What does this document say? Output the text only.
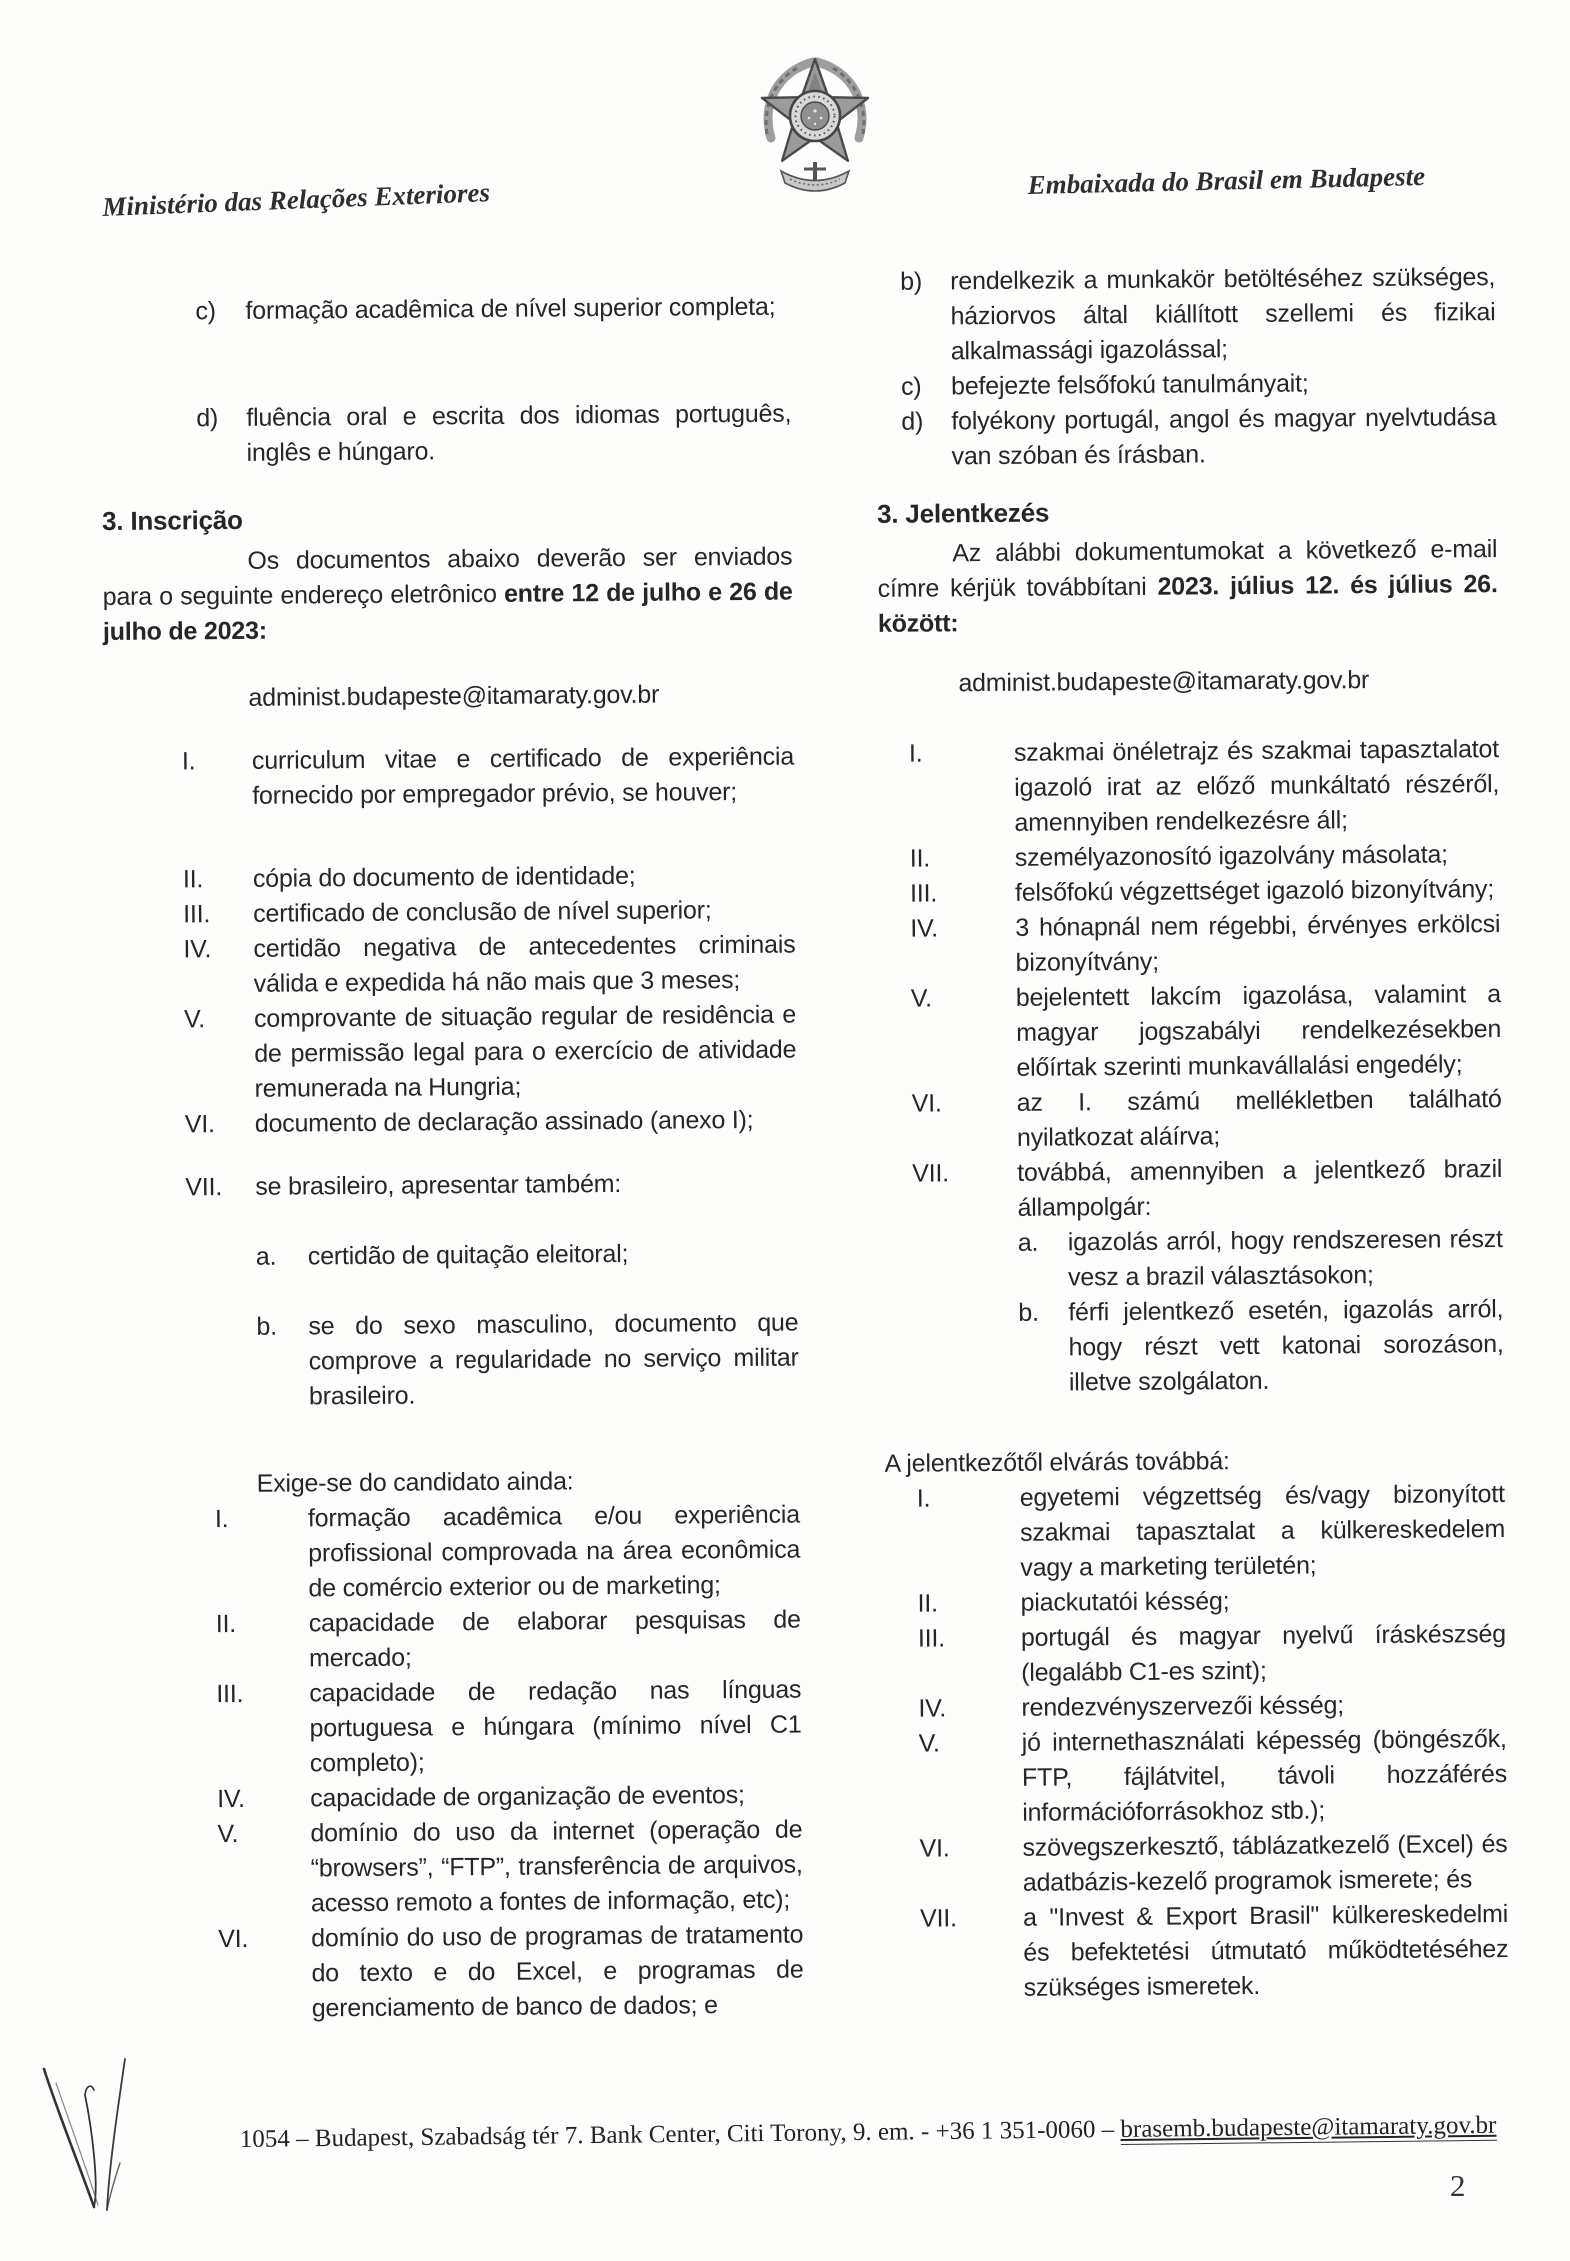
Ministério das Relações Exteriores	Embaixada do Brasil em Budapeste
c) formação acadêmica de nível superior completa;
d) fluência oral e escrita dos idiomas português, inglês e húngaro.
3. Inscrição
Os documentos abaixo deverão ser enviados para o seguinte endereço eletrônico entre 12 de julho e 26 de julho de 2023:
administ.budapeste@itamaraty.gov.br
I. curriculum vitae e certificado de experiência fornecido por empregador prévio, se houver;
II. cópia do documento de identidade;
III. certificado de conclusão de nível superior;
IV. certidão negativa de antecedentes criminais válida e expedida há não mais que 3 meses;
V. comprovante de situação regular de residência e de permissão legal para o exercício de atividade remunerada na Hungria;
VI. documento de declaração assinado (anexo I);
VII. se brasileiro, apresentar também:
a. certidão de quitação eleitoral;
b. se do sexo masculino, documento que comprove a regularidade no serviço militar brasileiro.
Exige-se do candidato ainda:
I.	formação acadêmica e/ou experiência profissional comprovada na área econômica de comércio exterior ou de marketing;
II.	capacidade de elaborar pesquisas de mercado;
III.	capacidade de redação nas línguas portuguesa e húngara (mínimo nível C1 completo);
IV.	capacidade de organização de eventos;
V.	domínio do uso da internet (operação de “browsers”, “FTP”, transferência de arquivos, acesso remoto a fontes de informação, etc);
VI.	domínio do uso de programas de tratamento do texto e do Excel, e programas de gerenciamento de banco de dados; e
b) rendelkezik a munkakör betöltéséhez szükséges, háziorvos által kiállított szellemi és fizikai alkalmassági igazolással;
c) befejezte felsőfokú tanulmányait;
d) folyékony portugál, angol és magyar nyelvtudása van szóban és írásban.
3. Jelentkezés
Az alábbi dokumentumokat a következő e-mail címre kérjük továbbítani 2023. július 12. és július 26. között:
administ.budapeste@itamaraty.gov.br
I.	szakmai önéletrajz és szakmai tapasztalatot igazoló irat az előző munkáltató részéről, amennyiben rendelkezésre áll;
II.	személyazonosító igazolvány másolata;
III.	felsőfokú végzettséget igazoló bizonyítvány;
IV.	3 hónapnál nem régebbi, érvényes erkölcsi bizonyítvány;
V.	bejelentett lakcím igazolása, valamint a magyar jogszabályi rendelkezésekben előírtak szerinti munkavállalási engedély;
VI.	az I. számú mellékletben található nyilatkozat aláírva;
VII.	továbbá, amennyiben a jelentkező brazil állampolgár:
a. igazolás arról, hogy rendszeresen részt vesz a brazil választásokon;
b. férfi jelentkező esetén, igazolás arról, hogy részt vett katonai sorozáson, illetve szolgálaton.
A jelentkezőtől elvárás továbbá:
I.	egyetemi végzettség és/vagy bizonyított szakmai tapasztalat a külkereskedelem vagy a marketing területén;
II.	piackutatói késség;
III.	portugál és magyar nyelvű íráskészség (legalább C1-es szint);
IV.	rendezvényszervezői késség;
V.	jó internethasználati képesség (böngészők, FTP, fájlátvitel, távoli hozzáférés információforrásokhoz stb.);
VI.	szövegszerkesztő, táblázatkezelő (Excel) és adatbázis-kezelő programok ismerete; és
VII.	a "Invest & Export Brasil" külkereskedelmi és befektetési útmutató működtetéséhez szükséges ismeretek.
1054 – Budapest, Szabadság tér 7. Bank Center, Citi Torony, 9. em. - +36 1 351-0060 – brasemb.budapeste@itamaraty.gov.br
2
